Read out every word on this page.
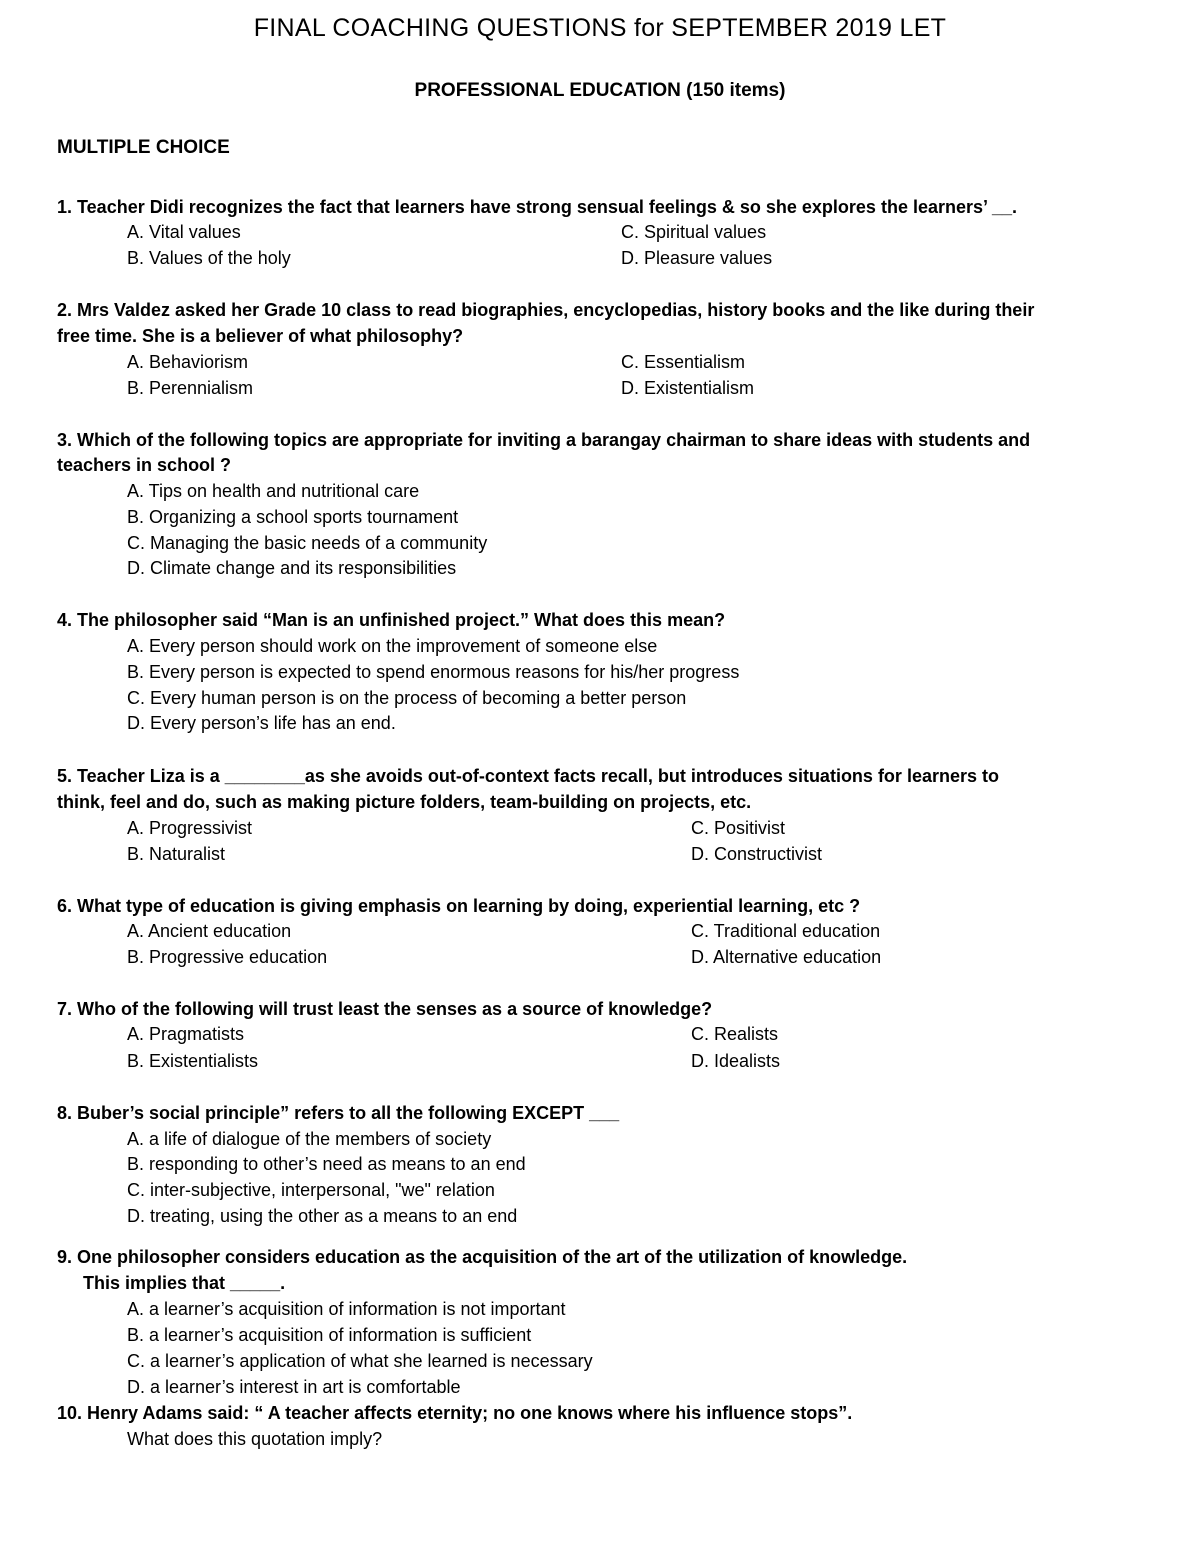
FINAL COACHING QUESTIONS for SEPTEMBER 2019 LET
PROFESSIONAL EDUCATION (150 items)
MULTIPLE CHOICE
1. Teacher Didi recognizes the fact that learners have strong sensual feelings & so she explores the learners’ __.
A. Vital values	C. Spiritual values
B. Values of the holy	D. Pleasure values
2. Mrs Valdez asked her Grade 10 class to read biographies, encyclopedias, history books and the like during their
free time. She is a believer of what philosophy?
A. Behaviorism	C. Essentialism
B. Perennialism	D. Existentialism
3. Which of the following topics are appropriate for inviting a barangay chairman to share ideas with students and
teachers in school ?
A. Tips on health and nutritional care
B. Organizing a school sports tournament
C. Managing the basic needs of a community
D. Climate change and its responsibilities
4. The philosopher said “Man is an unfinished project.” What does this mean?
A. Every person should work on the improvement of someone else
B. Every person is expected to spend enormous reasons for his/her progress
C. Every human person is on the process of becoming a better person
D. Every person’s life has an end.
5. Teacher Liza is a ________as she avoids out-of-context facts recall, but introduces situations for learners to
think, feel and do, such as making picture folders, team-building on projects, etc.
A. Progressivist	C. Positivist
B. Naturalist	D. Constructivist
6. What type of education is giving emphasis on learning by doing, experiential learning, etc ?
A. Ancient education	C. Traditional education
B. Progressive education	D. Alternative education
7. Who of the following will trust least the senses as a source of knowledge?
A. Pragmatists	C. Realists
B. Existentialists	D. Idealists
8. Buber’s social principle” refers to all the following EXCEPT ___
A. a life of dialogue of the members of society
B. responding to other’s need as means to an end
C. inter-subjective, interpersonal, "we" relation
D. treating, using the other as a means to an end
9. One philosopher considers education as the acquisition of the art of the utilization of knowledge.
This implies that _____.
A. a learner’s acquisition of information is not important
B. a learner’s acquisition of information is sufficient
C. a learner’s application of what she learned is necessary
D. a learner’s interest in art is comfortable
10. Henry Adams said: “ A teacher affects eternity; no one knows where his influence stops”.
What does this quotation imply?
